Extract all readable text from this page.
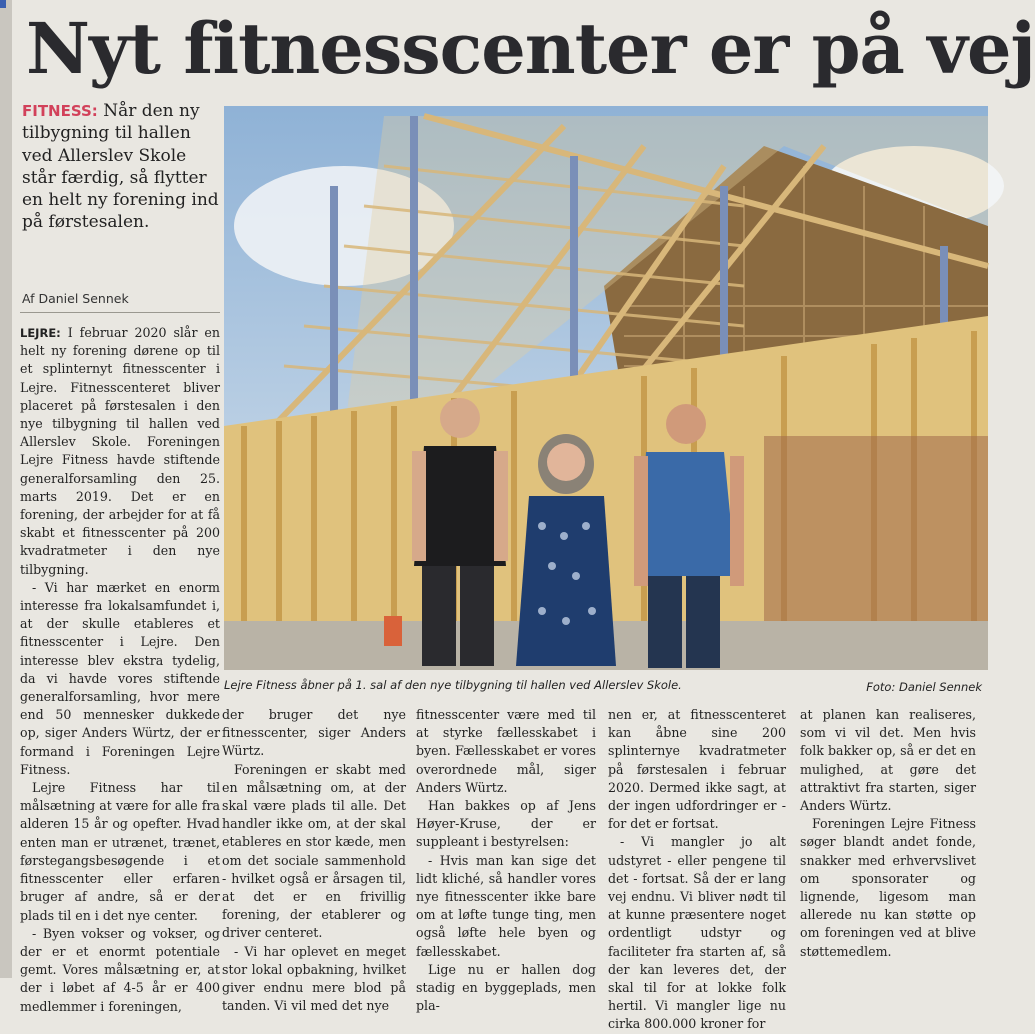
Nyt fitnesscenter er på vej
FITNESS: Når den ny tilbygning til hallen ved Allerslev Skole står færdig, så flytter en helt ny forening ind på førstesalen.
Af Daniel Sennek

LEJRE: I februar 2020 slår en helt ny forening dørene op til et splinternyt fitnesscenter i Lejre. Fitnesscenteret bliver placeret på førstesalen i den nye tilbygning til hallen ved Allerslev Skole. Foreningen Lejre Fitness havde stiftende generalforsamling den 25. marts 2019. Det er en forening, der arbejder for at få skabt et fitnesscenter på 200 kvadratmeter i den nye tilbygning.

- Vi har mærket en enorm interesse fra lokalsamfundet i, at der skulle etableres et fitnesscenter i Lejre. Den interesse blev ekstra tydelig, da vi havde vores stiftende generalforsamling, hvor mere end 50 mennesker dukkede op, siger Anders Würtz, der er formand i Foreningen Lejre Fitness.

Lejre Fitness har til målsætning at være for alle fra alderen 15 år og opefter. Hvad enten man er utrænet, trænet, førstegangsbesøgende i et fitnesscenter eller erfaren bruger af andre, så er der plads til en i det nye center.

- Byen vokser og vokser, og der er et enormt potentiale gemt. Vores målsætning er, at der i løbet af 4-5 år er 400 medlemmer i foreningen,

Lejre Fitness åbner på 1. sal af den nye tilbygning til hallen ved Allerslev Skole.	Foto: Daniel Sennek

der bruger det nye fitnesscenter, siger Anders Würtz.

Foreningen er skabt med en målsætning om, at der skal være plads til alle. Det handler ikke om, at der skal etableres en stor kæde, men om det sociale sammenhold - hvilket også er årsagen til, at det er en frivillig forening, der etablerer og driver centeret.

- Vi har oplevet en meget stor lokal opbakning, hvilket giver endnu mere blod på tanden. Vi vil med det nye

fitnesscenter være med til at styrke fællesskabet i byen. Fællesskabet er vores overordnede mål, siger Anders Würtz.

Han bakkes op af Jens Høyer-Kruse, der er suppleant i bestyrelsen:

- Hvis man kan sige det lidt kliché, så handler vores nye fitnesscenter ikke bare om at løfte tunge ting, men også løfte hele byen og fællesskabet.

Lige nu er hallen dog stadig en byggeplads, men pla-

nen er, at fitnesscenteret kan åbne sine 200 splinternye kvadratmeter på førstesalen i februar 2020. Dermed ikke sagt, at der ingen udfordringer er - for det er fortsat.

- Vi mangler jo alt udstyret - eller pengene til det - fortsat. Så der er lang vej endnu. Vi bliver nødt til at kunne præsentere noget ordentligt udstyr og faciliteter fra starten af, så der kan leveres det, der skal til for at lokke folk hertil. Vi mangler lige nu cirka 800.000 kroner for

at planen kan realiseres, som vi vil det. Men hvis folk bakker op, så er det en mulighed, at gøre det attraktivt fra starten, siger Anders Würtz.

Foreningen Lejre Fitness søger blandt andet fonde, snakker med erhvervslivet om sponsorater og lignende, ligesom man allerede nu kan støtte op om foreningen ved at blive støttemedlem.
